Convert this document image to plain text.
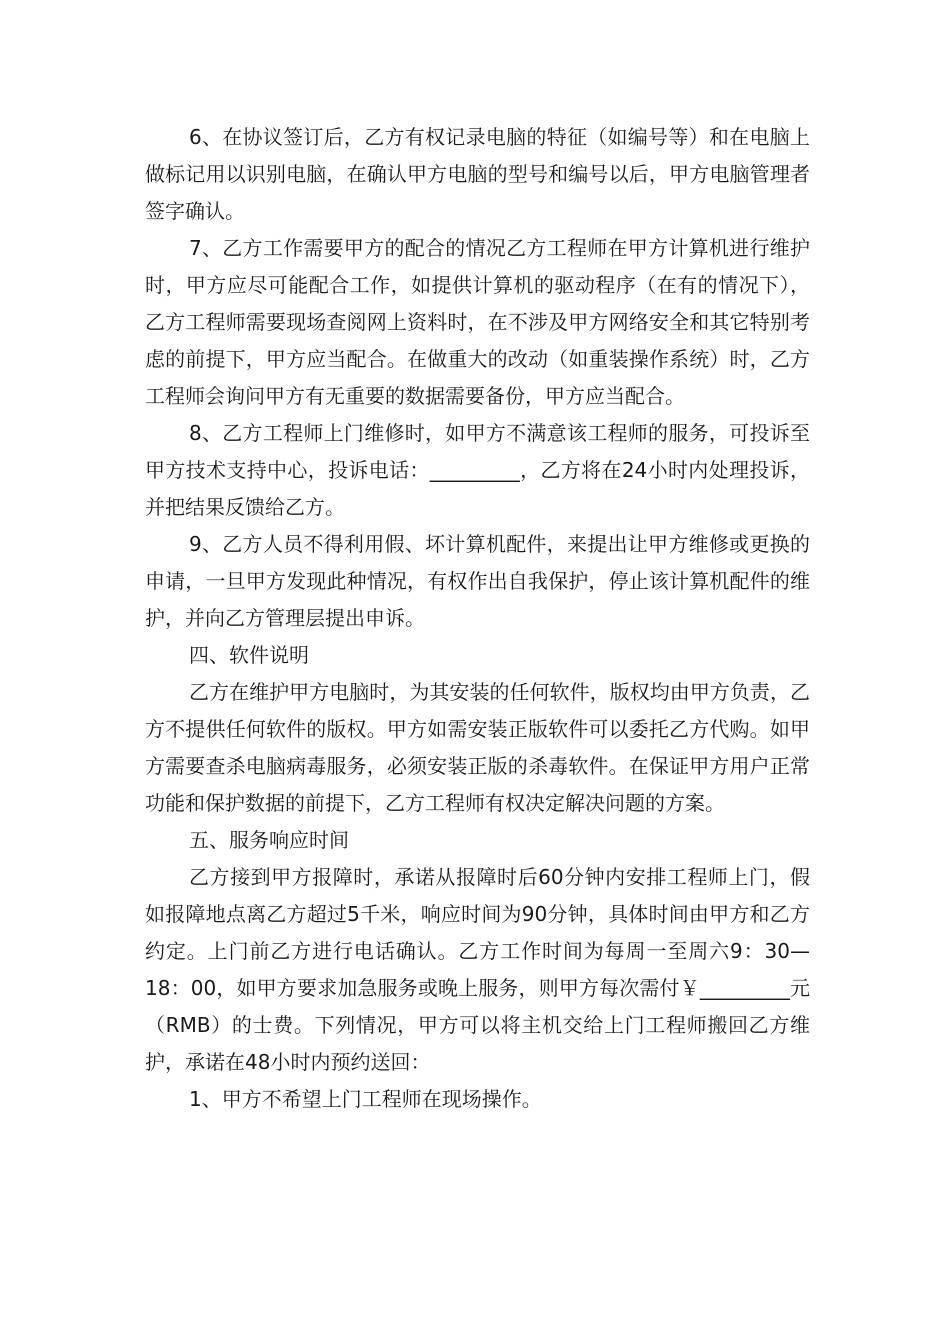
6、在协议签订后，乙方有权记录电脑的特征（如编号等）和在电脑上做标记用以识别电脑，在确认甲方电脑的型号和编号以后，甲方电脑管理者签字确认。

7、乙方工作需要甲方的配合的情况乙方工程师在甲方计算机进行维护时，甲方应尽可能配合工作，如提供计算机的驱动程序（在有的情况下），乙方工程师需要现场查阅网上资料时，在不涉及甲方网络安全和其它特别考虑的前提下，甲方应当配合。在做重大的改动（如重装操作系统）时，乙方工程师会询问甲方有无重要的数据需要备份，甲方应当配合。

8、乙方工程师上门维修时，如甲方不满意该工程师的服务，可投诉至甲方技术支持中心，投诉电话：_________，乙方将在24小时内处理投诉，并把结果反馈给乙方。

9、乙方人员不得利用假、坏计算机配件，来提出让甲方维修或更换的申请，一旦甲方发现此种情况，有权作出自我保护，停止该计算机配件的维护，并向乙方管理层提出申诉。

四、软件说明

乙方在维护甲方电脑时，为其安装的任何软件，版权均由甲方负责，乙方不提供任何软件的版权。甲方如需安装正版软件可以委托乙方代购。如甲方需要查杀电脑病毒服务，必须安装正版的杀毒软件。在保证甲方用户正常功能和保护数据的前提下，乙方工程师有权决定解决问题的方案。

五、服务响应时间

乙方接到甲方报障时，承诺从报障时后60分钟内安排工程师上门，假如报障地点离乙方超过5千米，响应时间为90分钟，具体时间由甲方和乙方约定。上门前乙方进行电话确认。乙方工作时间为每周一至周六9：30—18：00，如甲方要求加急服务或晚上服务，则甲方每次需付￥_________元（RMB）的士费。下列情况，甲方可以将主机交给上门工程师搬回乙方维护，承诺在48小时内预约送回：

1、甲方不希望上门工程师在现场操作。
